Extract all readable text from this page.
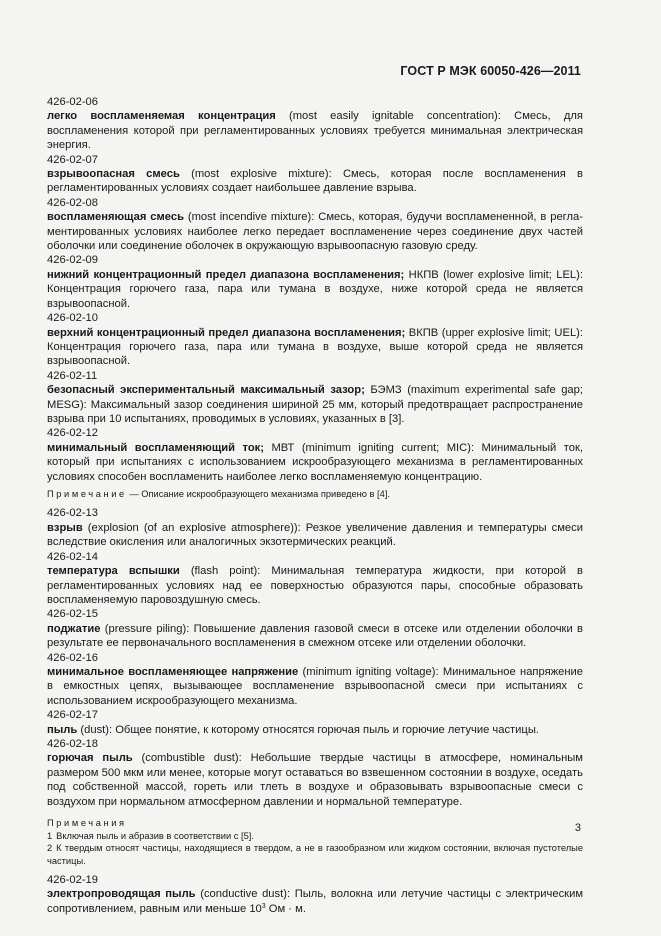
ГОСТ Р МЭК 60050-426—2011
426-02-06

легко воспламеняемая концентрация (most easily ignitable concentration): Смесь, для воспламенения которой при регламентированных условиях требуется минимальная электрическая энергия.

426-02-07

взрывоопасная смесь (most explosive mixture): Смесь, которая после воспламенения в регламентированных условиях создает наибольшее давление взрыва.

426-02-08

воспламеняющая смесь (most incendive mixture): Смесь, которая, будучи воспламененной, в регламентированных условиях наиболее легко передает воспламенение через соединение двух частей оболочки или соединение оболочек в окружающую взрывоопасную газовую среду.

426-02-09

нижний концентрационный предел диапазона воспламенения; НКПВ (lower explosive limit; LEL): Концентрация горючего газа, пара или тумана в воздухе, ниже которой среда не является взрывоопасной.

426-02-10

верхний концентрационный предел диапазона воспламенения; ВКПВ (upper explosive limit; UEL): Концентрация горючего газа, пара или тумана в воздухе, выше которой среда не является взрывоопасной.

426-02-11

безопасный экспериментальный максимальный зазор; БЭМЗ (maximum experimental safe gap; MESG): Максимальный зазор соединения шириной 25 мм, который предотвращает распространение взрыва при 10 испытаниях, проводимых в условиях, указанных в [3].

426-02-12

минимальный воспламеняющий ток; МВТ (minimum igniting current; MIC): Минимальный ток, который при испытаниях с использованием искрообразующего механизма в регламентированных условиях способен воспламенить наиболее легко воспламеняемую концентрацию.

Примечание — Описание искрообразующего механизма приведено в [4].
426-02-13

взрыв (explosion (of an explosive atmosphere)): Резкое увеличение давления и температуры смеси вследствие окисления или аналогичных экзотермических реакций.

426-02-14

температура вспышки (flash point): Минимальная температура жидкости, при которой в регламентированных условиях над ее поверхностью образуются пары, способные образовать воспламеняемую паровоздушную смесь.

426-02-15

поджатие (pressure piling): Повышение давления газовой смеси в отсеке или отделении оболочки в результате ее первоначального воспламенения в смежном отсеке или отделении оболочки.

426-02-16

минимальное воспламеняющее напряжение (minimum igniting voltage): Минимальное напряжение в емкостных цепях, вызывающее воспламенение взрывоопасной смеси при испытаниях с использованием искрообразующего механизма.

426-02-17

пыль (dust): Общее понятие, к которому относятся горючая пыль и горючие летучие частицы.

426-02-18

горючая пыль (combustible dust): Небольшие твердые частицы в атмосфере, номинальным размером 500 мкм или менее, которые могут оставаться во взвешенном состоянии в воздухе, оседать под собственной массой, гореть или тлеть в воздухе и образовывать взрывоопасные смеси с воздухом при нормальном атмосферном давлении и нормальной температуре.

Примечания
1 Включая пыль и абразив в соответствии с [5].
2 К твердым относят частицы, находящиеся в твердом, а не в газообразном или жидком состоянии, включая пустотелые частицы.
426-02-19

электропроводящая пыль (conductive dust): Пыль, волокна или летучие частицы с электрическим сопротивлением, равным или меньше $10^3$ Ом · м.

3
